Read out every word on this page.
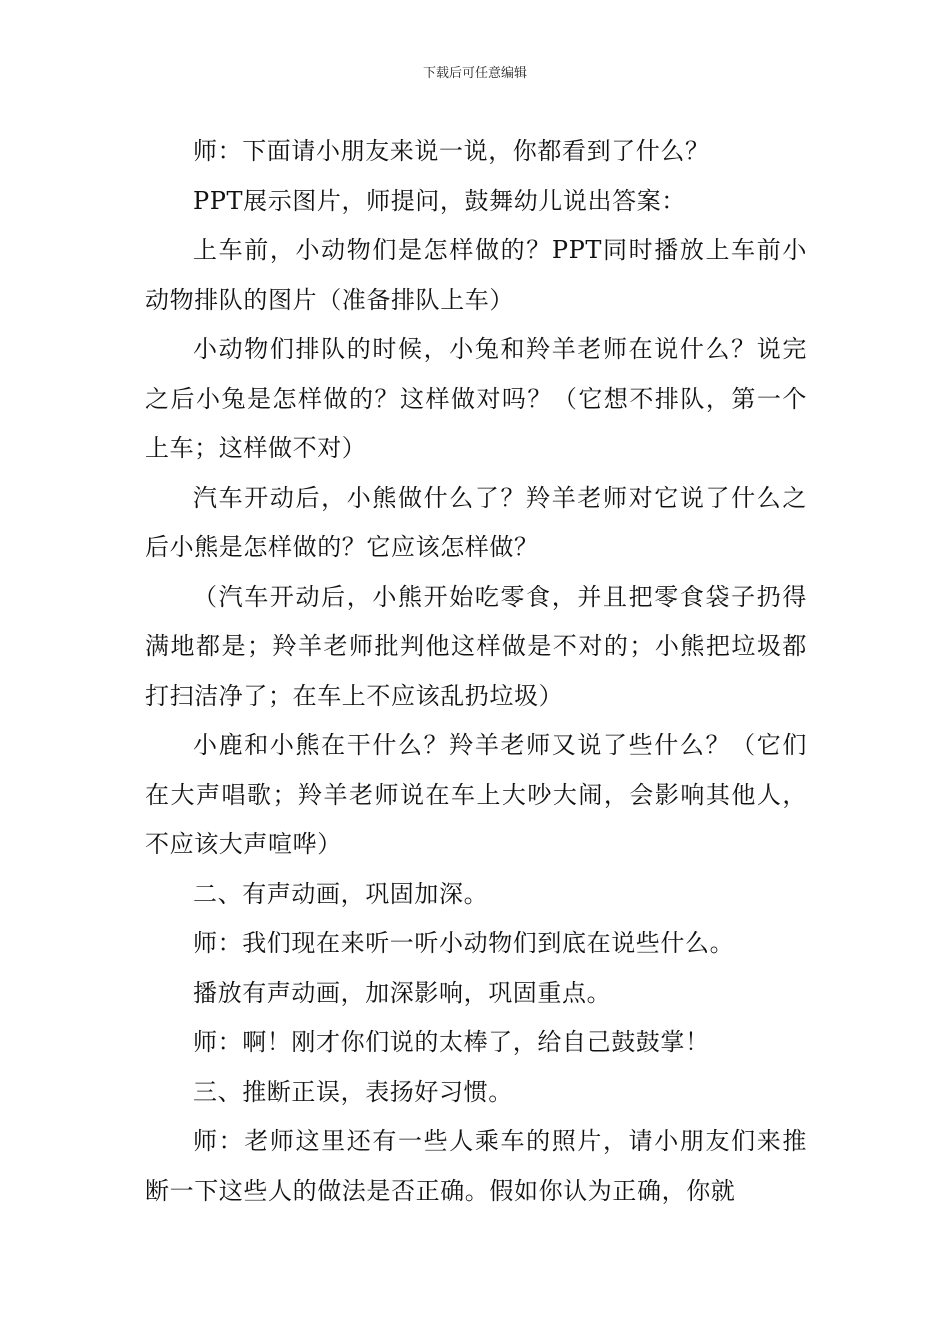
下载后可任意编辑

师：下面请小朋友来说一说，你都看到了什么？

PPT展示图片，师提问，鼓舞幼儿说出答案：

上车前，小动物们是怎样做的？PPT同时播放上车前小动物排队的图片（准备排队上车）

小动物们排队的时候，小兔和羚羊老师在说什么？说完之后小兔是怎样做的？这样做对吗？（它想不排队，第一个上车；这样做不对）

汽车开动后，小熊做什么了？羚羊老师对它说了什么之后小熊是怎样做的？它应该怎样做？

（汽车开动后，小熊开始吃零食，并且把零食袋子扔得满地都是；羚羊老师批判他这样做是不对的；小熊把垃圾都打扫洁净了；在车上不应该乱扔垃圾）

小鹿和小熊在干什么？羚羊老师又说了些什么？（它们在大声唱歌；羚羊老师说在车上大吵大闹，会影响其他人，不应该大声喧哗）

二、有声动画，巩固加深。

师：我们现在来听一听小动物们到底在说些什么。

播放有声动画，加深影响，巩固重点。

师：啊！刚才你们说的太棒了，给自己鼓鼓掌！

三、推断正误，表扬好习惯。

师：老师这里还有一些人乘车的照片，请小朋友们来推断一下这些人的做法是否正确。假如你认为正确，你就
